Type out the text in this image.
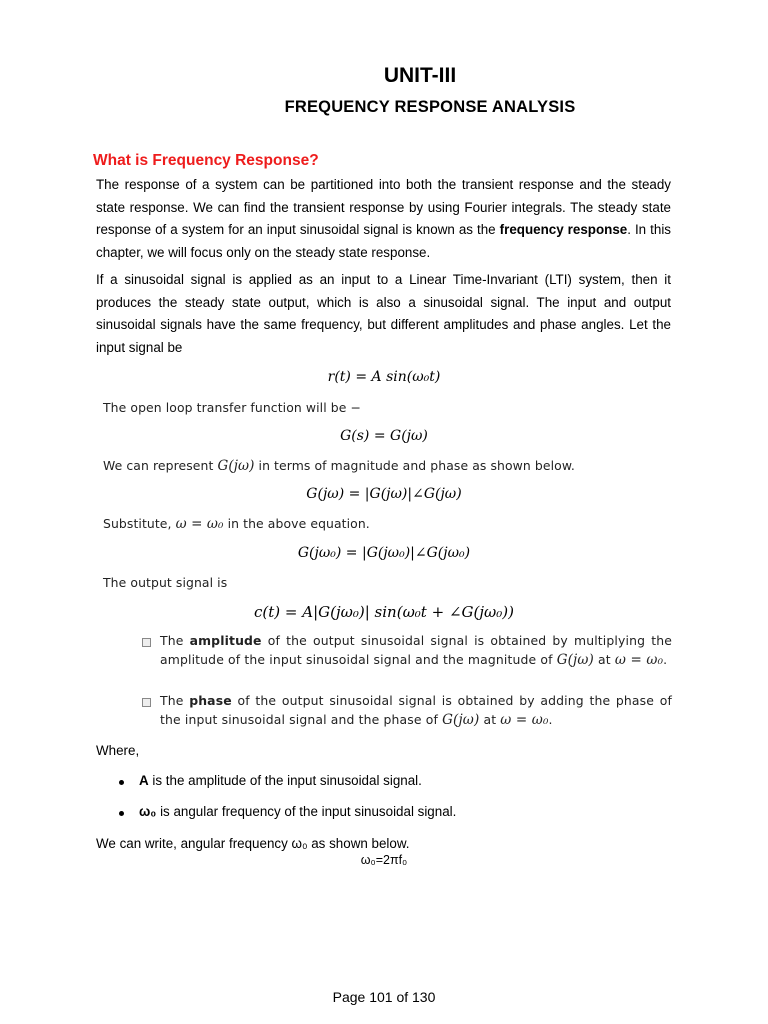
UNIT-III
FREQUENCY RESPONSE ANALYSIS
What is Frequency Response?
The response of a system can be partitioned into both the transient response and the steady state response. We can find the transient response by using Fourier integrals. The steady state response of a system for an input sinusoidal signal is known as the frequency response. In this chapter, we will focus only on the steady state response.
If a sinusoidal signal is applied as an input to a Linear Time-Invariant (LTI) system, then it produces the steady state output, which is also a sinusoidal signal. The input and output sinusoidal signals have the same frequency, but different amplitudes and phase angles. Let the input signal be
r(t) = A sin(ω₀t)
The open loop transfer function will be −
G(s) = G(jω)
We can represent G(jω) in terms of magnitude and phase as shown below.
G(jω) = |G(jω)|∠G(jω)
Substitute, ω = ω₀ in the above equation.
G(jω₀) = |G(jω₀)|∠G(jω₀)
The output signal is
c(t) = A|G(jω₀)| sin(ω₀t + ∠G(jω₀))
The amplitude of the output sinusoidal signal is obtained by multiplying the amplitude of the input sinusoidal signal and the magnitude of G(jω) at ω = ω₀.
The phase of the output sinusoidal signal is obtained by adding the phase of the input sinusoidal signal and the phase of G(jω) at ω = ω₀.
Where,
A is the amplitude of the input sinusoidal signal.
ω₀ is angular frequency of the input sinusoidal signal.
We can write, angular frequency ω₀ as shown below.
ω₀=2πf₀
Page 101 of 130
